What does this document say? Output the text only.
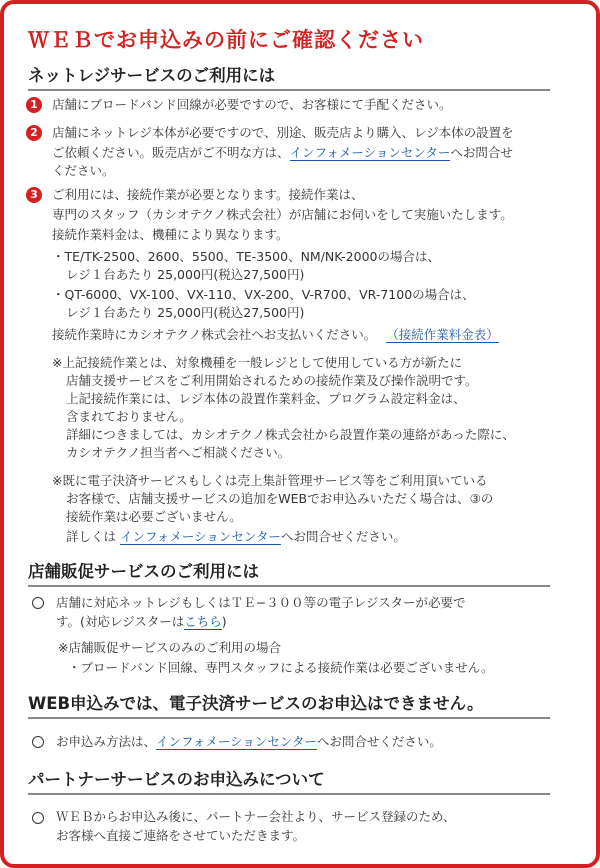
ＷＥＢでお申込みの前にご確認ください
ネットレジサービスのご利用には
1	店舗にブロードバンド回線が必要ですので、お客様にて手配ください。
2	店舗にネットレジ本体が必要ですので、別途、販売店より購入、レジ本体の設置を
ご依頼ください。販売店がご不明な方は、インフォメーションセンターへお問合せ
ください。
3	ご利用には、接続作業が必要となります。接続作業は、
専門のスタッフ（カシオテクノ株式会社）が店舗にお伺いをして実施いたします。
接続作業料金は、機種により異なります。
・TE/TK-2500、2600、5500、TE-3500、NM/NK-2000の場合は、
レジ１台あたり 25,000円(税込27,500円)
・QT-6000、VX-100、VX-110、VX-200、V-R700、VR-7100の場合は、
レジ１台あたり 25,000円(税込27,500円)
接続作業時にカシオテクノ株式会社へお支払いください。 （接続作業料金表）
※上記接続作業とは、対象機種を一般レジとして使用している方が新たに
店舗支援サービスをご利用開始されるための接続作業及び操作説明です。
上記接続作業には、レジ本体の設置作業料金、プログラム設定料金は、
含まれておりません。
詳細につきましては、カシオテクノ株式会社から設置作業の連絡があった際に、
カシオテクノ担当者へご相談ください。
※既に電子決済サービスもしくは売上集計管理サービス等をご利用頂いている
お客様で、店舗支援サービスの追加をWEBでお申込みいただく場合は、③の
接続作業は必要ございません。
詳しくは インフォメーションセンターへお問合せください。
店舗販促サービスのご利用には
店舗に対応ネットレジもしくはＴＥ−３００等の電子レジスターが必要で
す。(対応レジスターはこちら)
※店舗販促サービスのみのご利用の場合
・ブロードバンド回線、専門スタッフによる接続作業は必要ございません。
WEB申込みでは、電子決済サービスのお申込はできません。
お申込み方法は、インフォメーションセンターへお問合せください。
パートナーサービスのお申込みについて
ＷＥＢからお申込み後に、パートナー会社より、サービス登録のため、
お客様へ直接ご連絡をさせていただきます。
